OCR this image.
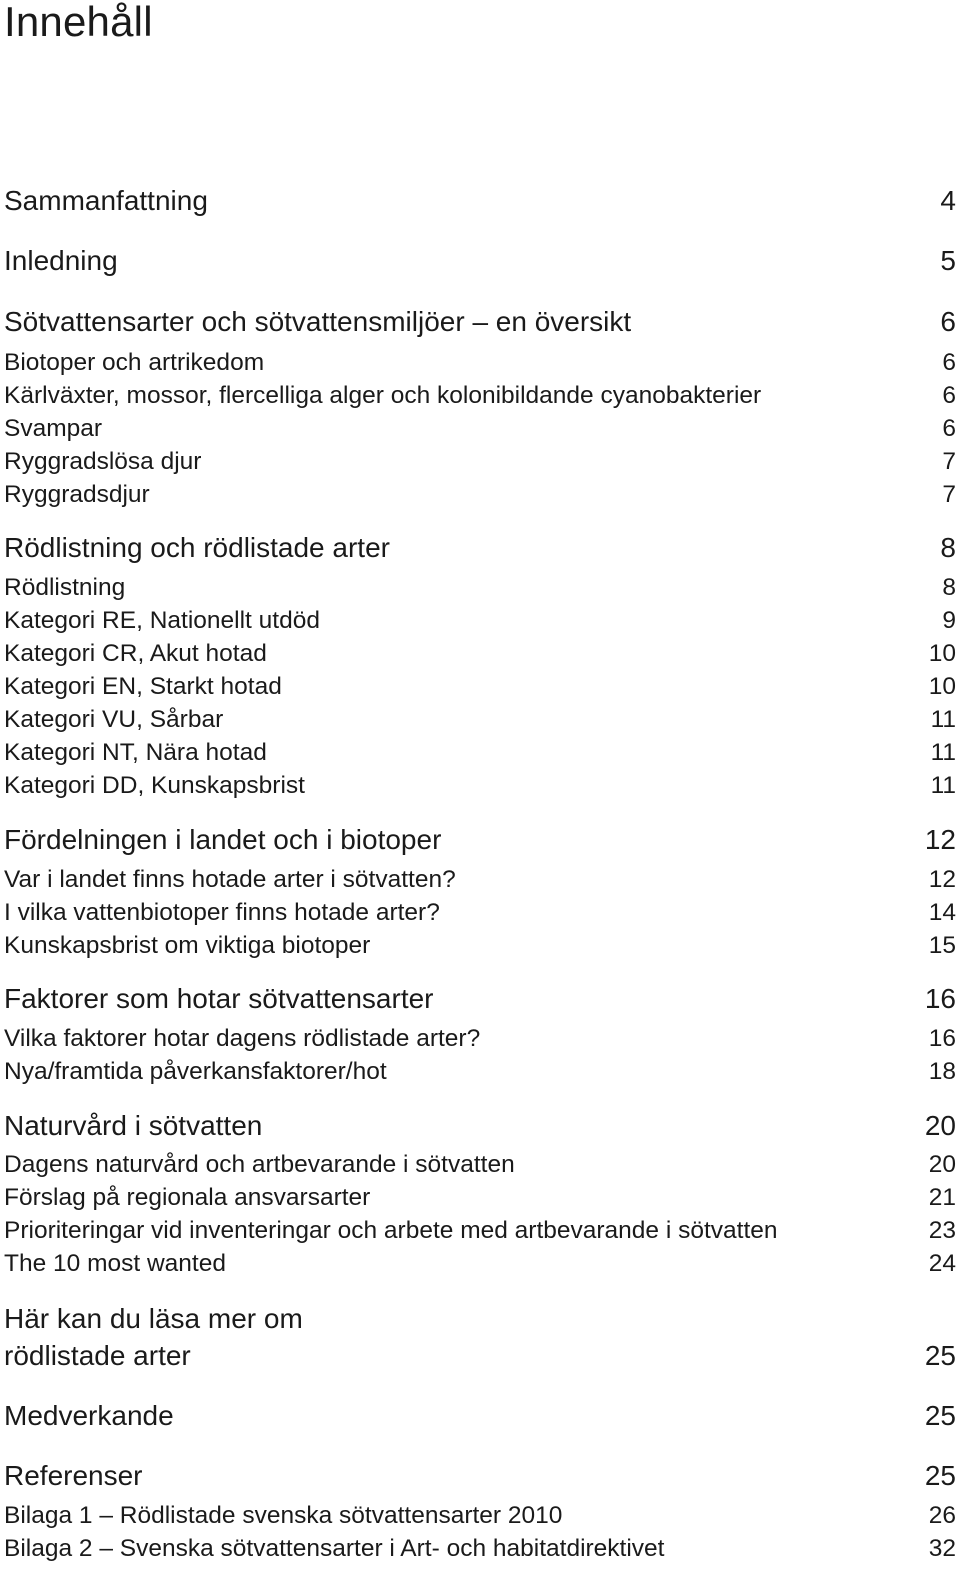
Innehåll
Sammanfattning	4
Inledning	5
Sötvattensarter och sötvattensmiljöer – en översikt	6
Biotoper och artrikedom	6
Kärlväxter, mossor, flercelliga alger och kolonibildande cyanobakterier	6
Svampar	6
Ryggradslösa djur	7
Ryggradsdjur	7
Rödlistning och rödlistade arter	8
Rödlistning	8
Kategori RE, Nationellt utdöd	9
Kategori CR, Akut hotad	10
Kategori EN, Starkt hotad	10
Kategori VU, Sårbar	11
Kategori NT, Nära hotad	11
Kategori DD, Kunskapsbrist	11
Fördelningen i landet och i biotoper	12
Var i landet finns hotade arter i sötvatten?	12
I vilka vattenbiotoper finns hotade arter?	14
Kunskapsbrist om viktiga biotoper	15
Faktorer som hotar sötvattensarter	16
Vilka faktorer hotar dagens rödlistade arter?	16
Nya/framtida påverkansfaktorer/hot	18
Naturvård i sötvatten	20
Dagens naturvård och artbevarande i sötvatten	20
Förslag på regionala ansvarsarter	21
Prioriteringar vid inventeringar och arbete med artbevarande i sötvatten	23
The 10 most wanted	24
Här kan du läsa mer om
rödlistade arter	25
Medverkande	25
Referenser	25
Bilaga 1 – Rödlistade svenska sötvattensarter 2010	26
Bilaga 2 – Svenska sötvattensarter i Art- och habitatdirektivet	32
